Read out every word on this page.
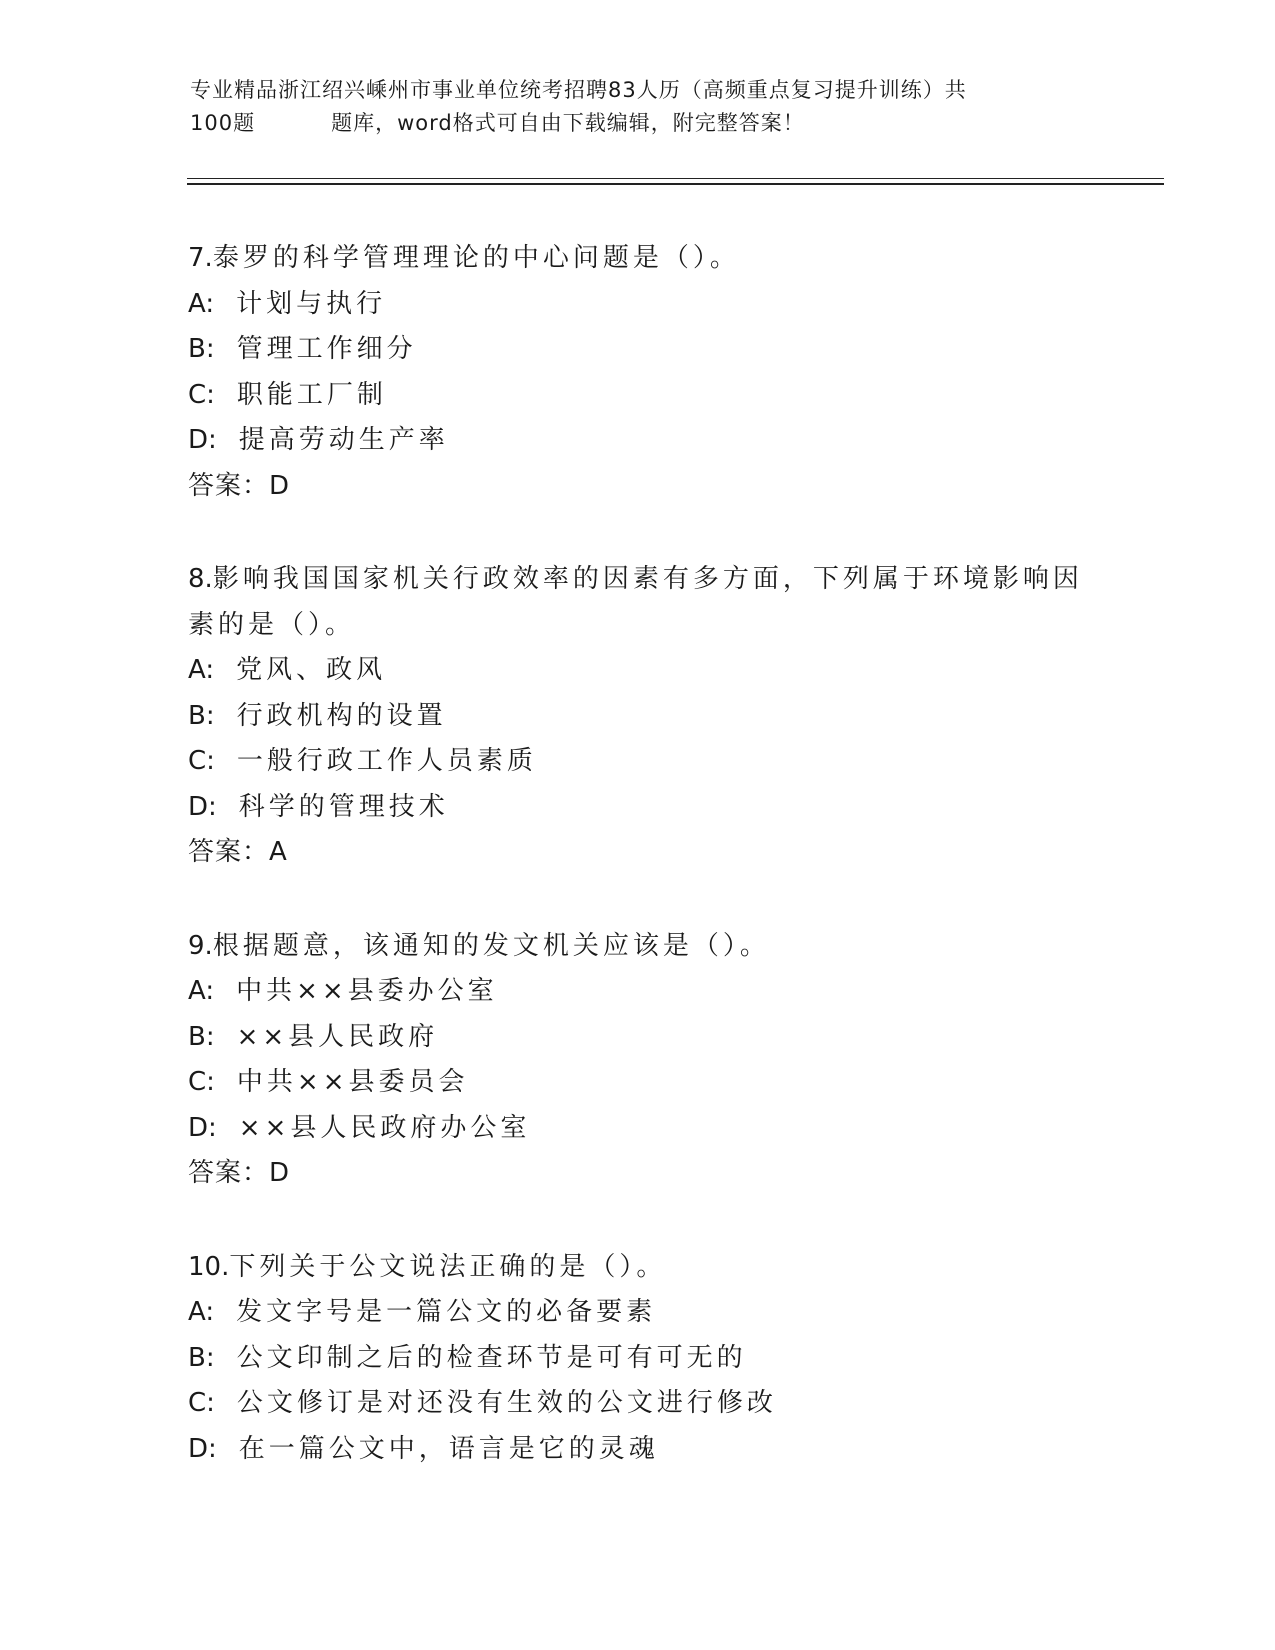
专业精品浙江绍兴嵊州市事业单位统考招聘83人历（高频重点复习提升训练）共
100题	题库，word格式可自由下载编辑，附完整答案！
7.泰罗的科学管理理论的中心问题是（）。
A: 计划与执行
B: 管理工作细分
C: 职能工厂制
D: 提高劳动生产率
答案：D
8.影响我国国家机关行政效率的因素有多方面，下列属于环境影响因
素的是（）。
A: 党风、政风
B: 行政机构的设置
C: 一般行政工作人员素质
D: 科学的管理技术
答案：A
9.根据题意，该通知的发文机关应该是（）。
A: 中共××县委办公室
B: ××县人民政府
C: 中共××县委员会
D: ××县人民政府办公室
答案：D
10.下列关于公文说法正确的是（）。
A: 发文字号是一篇公文的必备要素
B: 公文印制之后的检查环节是可有可无的
C: 公文修订是对还没有生效的公文进行修改
D: 在一篇公文中，语言是它的灵魂
